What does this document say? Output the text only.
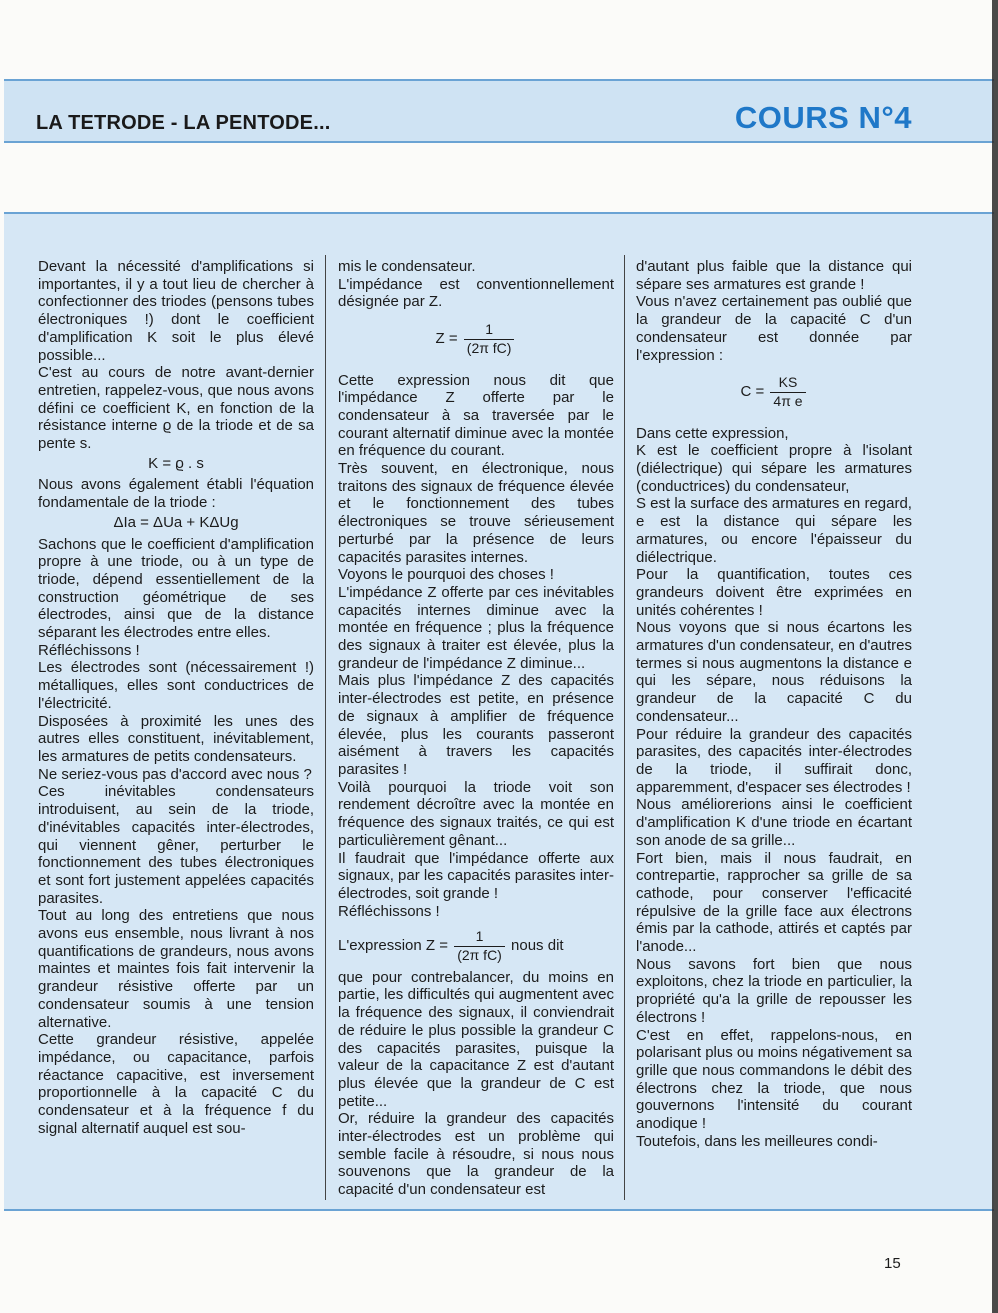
LA TETRODE - LA PENTODE...	COURS N°4

Devant la nécessité d'amplifications si importantes, il y a tout lieu de chercher à confectionner des triodes (pensons tubes électroniques !) dont le coefficient d'amplification K soit le plus élevé possible...

C'est au cours de notre avant-dernier entretien, rappelez-vous, que nous avons défini ce coefficient K, en fonction de la résistance interne ϱ de la triode et de sa pente s.

K = ϱ . s

Nous avons également établi l'équation fondamentale de la triode :

ΔIa = ΔUa + KΔUg

Sachons que le coefficient d'amplification propre à une triode, ou à un type de triode, dépend essentiellement de la construction géométrique de ses électrodes, ainsi que de la distance séparant les électrodes entre elles.

Réfléchissons !

Les électrodes sont (nécessairement !) métalliques, elles sont conductrices de l'électricité.

Disposées à proximité les unes des autres elles constituent, inévitablement, les armatures de petits condensateurs.

Ne seriez-vous pas d'accord avec nous ?

Ces inévitables condensateurs introduisent, au sein de la triode, d'inévitables capacités inter-électrodes, qui viennent gêner, perturber le fonctionnement des tubes électroniques et sont fort justement appelées capacités parasites.

Tout au long des entretiens que nous avons eus ensemble, nous livrant à nos quantifications de grandeurs, nous avons maintes et maintes fois fait intervenir la grandeur résistive offerte par un condensateur soumis à une tension alternative.

Cette grandeur résistive, appelée impédance, ou capacitance, parfois réactance capacitive, est inversement proportionnelle à la capacité C du condensateur et à la fréquence f du signal alternatif auquel est sou-

mis le condensateur.

L'impédance est conventionnellement désignée par Z.

$Z = \frac{1}{\text{(2π fC)}}$

Cette expression nous dit que l'impédance Z offerte par le condensateur à sa traversée par le courant alternatif diminue avec la montée en fréquence du courant.

Très souvent, en électronique, nous traitons des signaux de fréquence élevée et le fonctionnement des tubes électroniques se trouve sérieusement perturbé par la présence de leurs capacités parasites internes.

Voyons le pourquoi des choses !

L'impédance Z offerte par ces inévitables capacités internes diminue avec la montée en fréquence ; plus la fréquence des signaux à traiter est élevée, plus la grandeur de l'impédance Z diminue...

Mais plus l'impédance Z des capacités inter-électrodes est petite, en présence de signaux à amplifier de fréquence élevée, plus les courants passeront aisément à travers les capacités parasites !

Voilà pourquoi la triode voit son rendement décroître avec la montée en fréquence des signaux traités, ce qui est particulièrement gênant...

Il faudrait que l'impédance offerte aux signaux, par les capacités parasites inter-électrodes, soit grande !

Réfléchissons !

L'expression $Z = \frac{1}{\text{(2π fC)}}$ nous dit

que pour contrebalancer, du moins en partie, les difficultés qui augmentent avec la fréquence des signaux, il conviendrait de réduire le plus possible la grandeur C des capacités parasites, puisque la valeur de la capacitance Z est d'autant plus élevée que la grandeur de C est petite...

Or, réduire la grandeur des capacités inter-électrodes est un problème qui semble facile à résoudre, si nous nous souvenons que la grandeur de la capacité d'un condensateur est

d'autant plus faible que la distance qui sépare ses armatures est grande !

Vous n'avez certainement pas oublié que la grandeur de la capacité C d'un condensateur est donnée par l'expression :

$C = \frac{KS}{\text{4π e}}$

Dans cette expression,

K est le coefficient propre à l'isolant (diélectrique) qui sépare les armatures (conductrices) du condensateur,

S est la surface des armatures en regard,

e est la distance qui sépare les armatures, ou encore l'épaisseur du diélectrique.

Pour la quantification, toutes ces grandeurs doivent être exprimées en unités cohérentes !

Nous voyons que si nous écartons les armatures d'un condensateur, en d'autres termes si nous augmentons la distance e qui les sépare, nous réduisons la grandeur de la capacité C du condensateur...

Pour réduire la grandeur des capacités parasites, des capacités inter-électrodes de la triode, il suffirait donc, apparemment, d'espacer ses électrodes !

Nous améliorerions ainsi le coefficient d'amplification K d'une triode en écartant son anode de sa grille...

Fort bien, mais il nous faudrait, en contrepartie, rapprocher sa grille de sa cathode, pour conserver l'efficacité répulsive de la grille face aux électrons émis par la cathode, attirés et captés par l'anode...

Nous savons fort bien que nous exploitons, chez la triode en particulier, la propriété qu'a la grille de repousser les électrons !

C'est en effet, rappelons-nous, en polarisant plus ou moins négativement sa grille que nous commandons le débit des électrons chez la triode, que nous gouvernons l'intensité du courant anodique !

Toutefois, dans les meilleures condi-

15
